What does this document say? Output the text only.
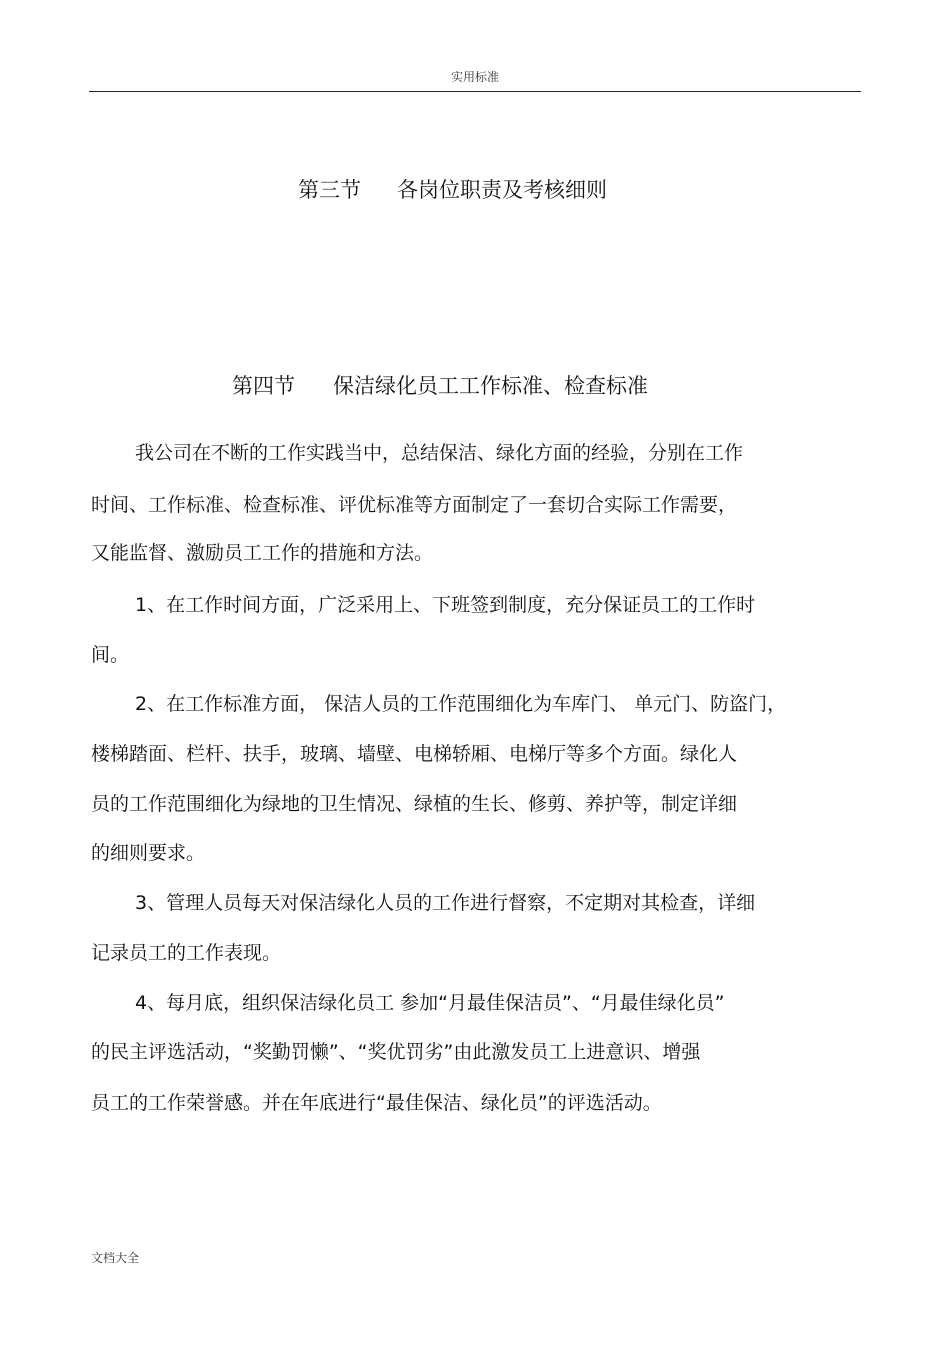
实用标准
第三节 各岗位职责及考核细则
第四节 保洁绿化员工工作标准、检查标准
我公司在不断的工作实践当中，总结保洁、绿化方面的经验，分别在工作
时间、工作标准、检查标准、评优标准等方面制定了一套切合实际工作需要，
又能监督、激励员工工作的措施和方法。
1、在工作时间方面，广泛采用上、下班签到制度，充分保证员工的工作时
间。
2、在工作标准方面， 保洁人员的工作范围细化为车库门、 单元门、防盗门，
楼梯踏面、栏杆、扶手，玻璃、墙壁、电梯轿厢、电梯厅等多个方面。绿化人
员的工作范围细化为绿地的卫生情况、绿植的生长、修剪、养护等，制定详细
的细则要求。
3、管理人员每天对保洁绿化人员的工作进行督察，不定期对其检查，详细
记录员工的工作表现。
4、每月底，组织保洁绿化员工 参加“月最佳保洁员”、“月最佳绿化员”
的民主评选活动，“奖勤罚懒”、“奖优罚劣”由此激发员工上进意识、增强
员工的工作荣誉感。并在年底进行“最佳保洁、绿化员”的评选活动。
文档大全
